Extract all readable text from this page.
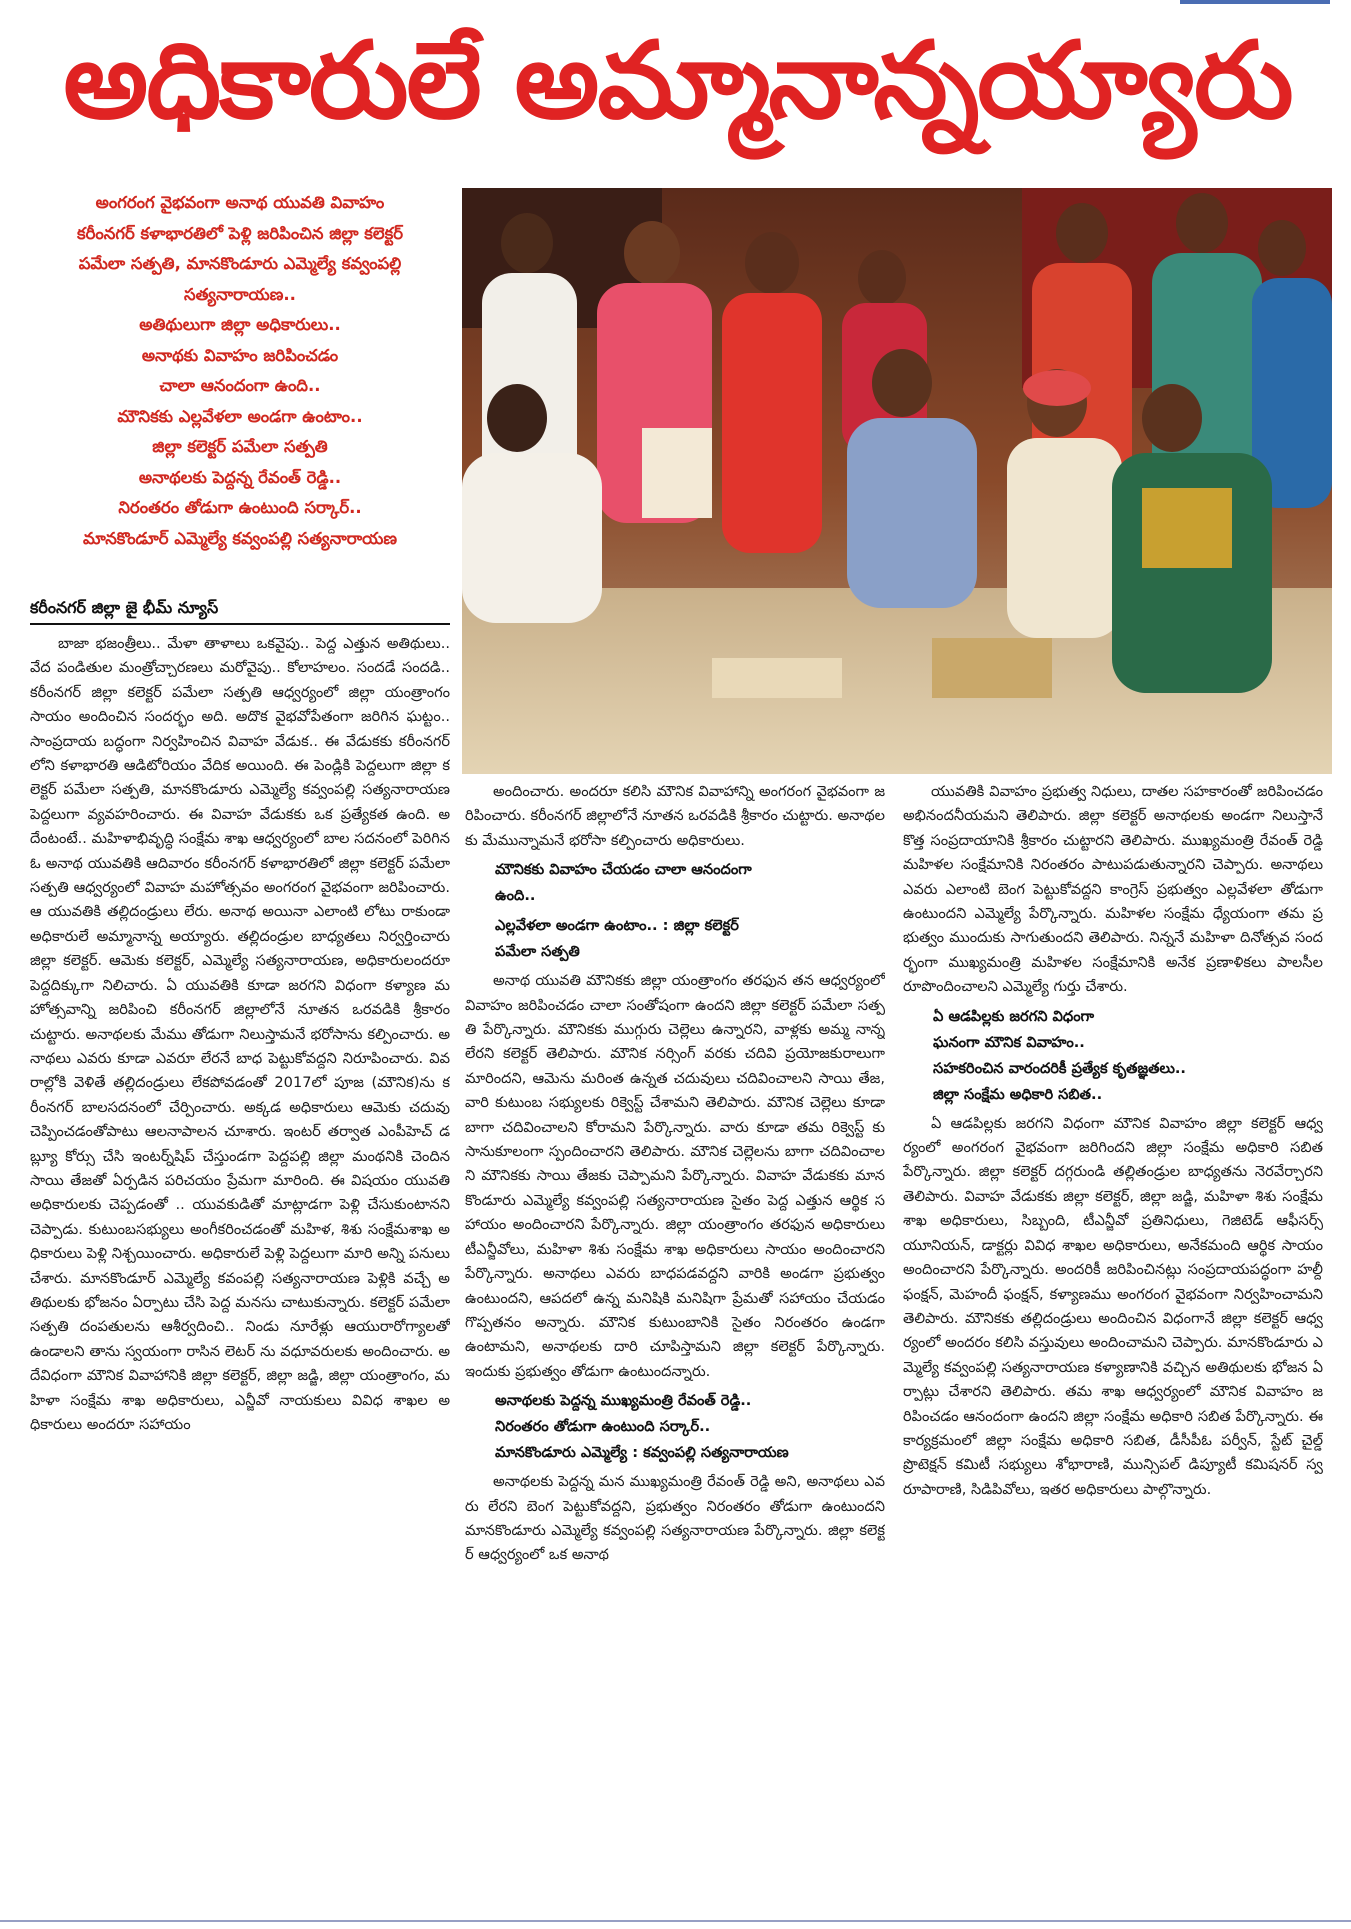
అధికారులే అమ్మానాన్నయ్యారు
అంగరంగ వైభవంగా అనాథ యువతి వివాహం
కరీంనగర్ కళాభారతిలో పెళ్లి జరిపించిన జిల్లా కలెక్టర్
పమేలా సత్పతి, మానకొండూరు ఎమ్మెల్యే కవ్వంపల్లి
సత్యనారాయణ..
అతిథులుగా జిల్లా అధికారులు..
అనాథకు వివాహం జరిపించడం
చాలా ఆనందంగా ఉంది..
మౌనికకు ఎల్లవేళలా అండగా ఉంటాం..
జిల్లా కలెక్టర్ పమేలా సత్పతి
అనాథలకు పెద్దన్న రేవంత్ రెడ్డి..
నిరంతరం తోడుగా ఉంటుంది సర్కార్..
మానకొండూర్ ఎమ్మెల్యే కవ్వంపల్లి సత్యనారాయణ
కరీంనగర్ జిల్లా జై భీమ్ న్యూస్

బాజా భజంత్రీలు.. మేళా తాళాలు ఒకవైపు.. పెద్ద ఎత్తున అతిథులు.. వేద పండితుల మంత్రోచ్చారణలు మరోవైపు.. కోలాహలం. సందడే సందడి.. కరీంనగర్ జిల్లా కలెక్టర్ పమేలా సత్పతి ఆధ్వర్యంలో జిల్లా యంత్రాంగం సాయం అందించిన సందర్భం అది. అదొక వైభవోపేతంగా జరిగిన ఘట్టం.. సాంప్రదాయ బద్ధంగా నిర్వహించిన వివాహ వేడుక.. ఈ వేడుకకు కరీంనగర్ లోని కళాభారతి ఆడిటోరియం వేదిక అయింది. ఈ పెండ్లికి పెద్దలుగా జిల్లా కలెక్టర్ పమేలా సత్పతి, మానకొండూరు ఎమ్మెల్యే కవ్వంపల్లి సత్యనారాయణ పెద్దలుగా వ్యవహరించారు. ఈ వివాహ వేడుకకు ఒక ప్రత్యేకత ఉంది. అదేంటంటే.. మహిళాభివృద్ధి సంక్షేమ శాఖ ఆధ్వర్యంలో బాల సదనంలో పెరిగిన ఓ అనాథ యువతికి ఆదివారం కరీంనగర్ కళాభారతిలో జిల్లా కలెక్టర్ పమేలా సత్పతి ఆధ్వర్యంలో వివాహ మహోత్సవం అంగరంగ వైభవంగా జరిపించారు. ఆ యువతికి తల్లిదండ్రులు లేరు. అనాథ అయినా ఎలాంటి లోటు రాకుండా అధికారులే అమ్మానాన్న అయ్యారు. తల్లిదండ్రుల బాధ్యతలు నిర్వర్తించారు జిల్లా కలెక్టర్. ఆమెకు కలెక్టర్, ఎమ్మెల్యే సత్యనారాయణ, అధికారులందరూ పెద్దదిక్కుగా నిలిచారు. ఏ యువతికి కూడా జరగని విధంగా కళ్యాణ మహోత్సవాన్ని జరిపించి కరీంనగర్ జిల్లాలోనే నూతన ఒరవడికి శ్రీకారం చుట్టారు. అనాథలకు మేము తోడుగా నిలుస్తామనే భరోసాను కల్పించారు. అనాథలు ఎవరు కూడా ఎవరూ లేరనే బాధ పెట్టుకోవద్దని నిరూపించారు. వివరాల్లోకి వెళితే తల్లిదండ్రులు లేకపోవడంతో 2017లో పూజ (మౌనిక)ను కరీంనగర్ బాలసదనంలో చేర్పించారు. అక్కడ అధికారులు ఆమెకు చదువు చెప్పించడంతోపాటు ఆలనాపాలన చూశారు. ఇంటర్ తర్వాత ఎంపీహెచ్ డబ్ల్యూ కోర్సు చేసి ఇంటర్న్‌షిప్ చేస్తుండగా పెద్దపల్లి జిల్లా మంథనికి చెందిన సాయి తేజతో ఏర్పడిన పరిచయం ప్రేమగా మారింది. ఈ విషయం యువతి అధికారులకు చెప్పడంతో .. యువకుడితో మాట్లాడగా పెళ్లి చేసుకుంటానని చెప్పాడు. కుటుంబసభ్యులు అంగీకరించడంతో మహిళ, శిశు సంక్షేమశాఖ అధికారులు పెళ్లి నిశ్చయించారు. అధికారులే పెళ్లి పెద్దలుగా మారి అన్ని పనులు చేశారు. మానకొండూర్ ఎమ్మెల్యే కవంపల్లి సత్యనారాయణ పెళ్లికి వచ్చే అతిథులకు భోజనం ఏర్పాటు చేసి పెద్ద మనసు చాటుకున్నారు. కలెక్టర్ పమేలా సత్పతి దంపతులను ఆశీర్వదించి.. నిండు నూరేళ్లు ఆయురారోగ్యాలతో ఉండాలని తాను స్వయంగా రాసిన లెటర్ ను వధూవరులకు అందించారు. అదేవిధంగా మౌనిక వివాహానికి జిల్లా కలెక్టర్, జిల్లా జడ్జి, జిల్లా యంత్రాంగం, మహిళా సంక్షేమ శాఖ అధికారులు, ఎన్జీవో నాయకులు వివిధ శాఖల అధికారులు అందరూ సహాయం

అందించారు. అందరూ కలిసి మౌనిక వివాహాన్ని అంగరంగ వైభవంగా జరిపించారు. కరీంనగర్ జిల్లాలోనే నూతన ఒరవడికి శ్రీకారం చుట్టారు. అనాథలకు మేమున్నామనే భరోసా కల్పించారు అధికారులు.

మౌనికకు వివాహం చేయడం చాలా ఆనందంగా
ఉంది..
ఎల్లవేళలా అండగా ఉంటాం.. : జిల్లా కలెక్టర్
పమేలా సత్పతి

అనాథ యువతి మౌనికకు జిల్లా యంత్రాంగం తరఫున తన ఆధ్వర్యంలో వివాహం జరిపించడం చాలా సంతోషంగా ఉందని జిల్లా కలెక్టర్ పమేలా సత్పతి పేర్కొన్నారు. మౌనికకు ముగ్గురు చెల్లెలు ఉన్నారని, వాళ్లకు అమ్మ నాన్న లేరని కలెక్టర్ తెలిపారు. మౌనిక నర్సింగ్ వరకు చదివి ప్రయోజకురాలుగా మారిందని, ఆమెను మరింత ఉన్నత చదువులు చదివించాలని సాయి తేజ, వారి కుటుంబ సభ్యులకు రిక్వెస్ట్ చేశామని తెలిపారు. మౌనిక చెల్లెలు కూడా బాగా చదివించాలని కోరామని పేర్కొన్నారు. వారు కూడా తమ రిక్వెస్ట్ కు సానుకూలంగా స్పందించారని తెలిపారు. మౌనిక చెల్లెలను బాగా చదివించాలని మౌనికకు సాయి తేజకు చెప్పామని పేర్కొన్నారు. వివాహ వేడుకకు మానకొండూరు ఎమ్మెల్యే కవ్వంపల్లి సత్యనారాయణ సైతం పెద్ద ఎత్తున ఆర్థిక సహాయం అందించారని పేర్కొన్నారు. జిల్లా యంత్రాంగం తరఫున అధికారులు టీఎన్జీవోలు, మహిళా శిశు సంక్షేమ శాఖ అధికారులు సాయం అందించారని పేర్కొన్నారు. అనాథలు ఎవరు బాధపడవద్దని వారికి అండగా ప్రభుత్వం ఉంటుందని, ఆపదలో ఉన్న మనిషికి మనిషిగా ప్రేమతో సహాయం చేయడం గొప్పతనం అన్నారు. మౌనిక కుటుంబానికి సైతం నిరంతరం ఉండగా ఉంటామని, అనాథలకు దారి చూపిస్తామని జిల్లా కలెక్టర్ పేర్కొన్నారు. ఇందుకు ప్రభుత్వం తోడుగా ఉంటుందన్నారు.

అనాథలకు పెద్దన్న ముఖ్యమంత్రి రేవంత్ రెడ్డి..
నిరంతరం తోడుగా ఉంటుంది సర్కార్..
మానకొండూరు ఎమ్మెల్యే : కవ్వంపల్లి సత్యనారాయణ

అనాథలకు పెద్దన్న మన ముఖ్యమంత్రి రేవంత్ రెడ్డి అని, అనాథలు ఎవరు లేరని బెంగ పెట్టుకోవద్దని, ప్రభుత్వం నిరంతరం తోడుగా ఉంటుందని మానకొండూరు ఎమ్మెల్యే కవ్వంపల్లి సత్యనారాయణ పేర్కొన్నారు. జిల్లా కలెక్టర్ ఆధ్వర్యంలో ఒక అనాథ

యువతికి వివాహం ప్రభుత్వ నిధులు, దాతల సహకారంతో జరిపించడం అభినందనీయమని తెలిపారు. జిల్లా కలెక్టర్ అనాథలకు అండగా నిలుస్తానే కొత్త సంప్రదాయానికి శ్రీకారం చుట్టారని తెలిపారు. ముఖ్యమంత్రి రేవంత్ రెడ్డి మహిళల సంక్షేమానికి నిరంతరం పాటుపడుతున్నారని చెప్పారు. అనాథలు ఎవరు ఎలాంటి బెంగ పెట్టుకోవద్దని కాంగ్రెస్ ప్రభుత్వం ఎల్లవేళలా తోడుగా ఉంటుందని ఎమ్మెల్యే పేర్కొన్నారు. మహిళల సంక్షేమ ధ్యేయంగా తమ ప్రభుత్వం ముందుకు సాగుతుందని తెలిపారు. నిన్ననే మహిళా దినోత్సవ సందర్భంగా ముఖ్యమంత్రి మహిళల సంక్షేమానికి అనేక ప్రణాళికలు పాలసీల రూపొందించాలని ఎమ్మెల్యే గుర్తు చేశారు.

ఏ ఆడపిల్లకు జరగని విధంగా
ఘనంగా మౌనిక వివాహం..
సహకరించిన వారందరికీ ప్రత్యేక కృతజ్ఞతలు..
జిల్లా సంక్షేమ అధికారి సబిత..

ఏ ఆడపిల్లకు జరగని విధంగా మౌనిక వివాహం జిల్లా కలెక్టర్ ఆధ్వర్యంలో అంగరంగ వైభవంగా జరిగిందని జిల్లా సంక్షేమ అధికారి సబిత పేర్కొన్నారు. జిల్లా కలెక్టర్ దగ్గరుండి తల్లితండ్రుల బాధ్యతను నెరవేర్చారని తెలిపారు. వివాహ వేడుకకు జిల్లా కలెక్టర్, జిల్లా జడ్జి, మహిళా శిశు సంక్షేమ శాఖ అధికారులు, సిబ్బంది, టీఎన్జీవో ప్రతినిధులు, గెజిటెడ్ ఆఫీసర్స్ యూనియన్, డాక్టర్లు వివిధ శాఖల అధికారులు, అనేకమంది ఆర్థిక సాయం అందించారని పేర్కొన్నారు. అందరికీ జరిపించినట్లు సంప్రదాయపద్ధంగా హల్దీ ఫంక్షన్, మెహందీ ఫంక్షన్, కళ్యాణము అంగరంగ వైభవంగా నిర్వహించామని తెలిపారు. మౌనికకు తల్లిదండ్రులు అందించిన విధంగానే జిల్లా కలెక్టర్ ఆధ్వర్యంలో అందరం కలిసి వస్తువులు అందించామని చెప్పారు. మానకొండూరు ఎమ్మెల్యే కవ్వంపల్లి సత్యనారాయణ కళ్యాణానికి వచ్చిన అతిథులకు భోజన ఏర్పాట్లు చేశారని తెలిపారు. తమ శాఖ ఆధ్వర్యంలో మౌనిక వివాహం జరిపించడం ఆనందంగా ఉందని జిల్లా సంక్షేమ అధికారి సబిత పేర్కొన్నారు. ఈ కార్యక్రమంలో జిల్లా సంక్షేమ అధికారి సబిత, డీసీపీఓ పర్వీన్, స్టేట్ చైల్డ్ ప్రొటెక్షన్ కమిటీ సభ్యులు శోభారాణి, మున్సిపల్ డిప్యూటీ కమిషనర్ స్వరూపారాణి, సిడిపివోలు, ఇతర అధికారులు పాల్గొన్నారు.
